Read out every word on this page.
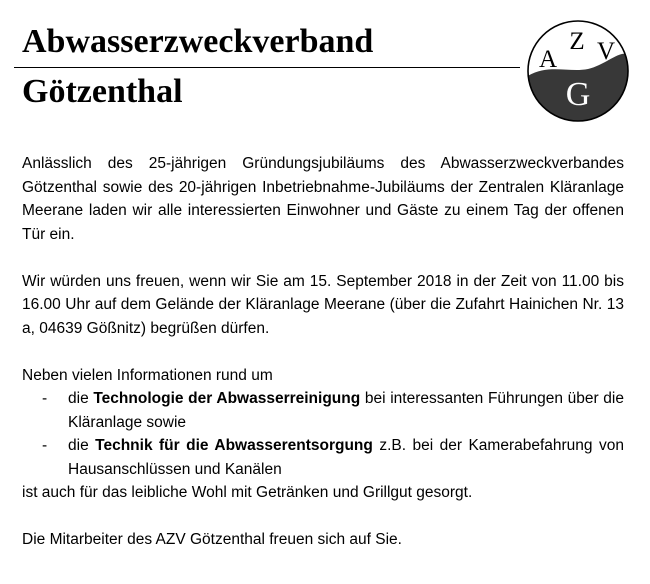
Abwasserzweckverband
Götzenthal
A
Z V
G

Anlässlich des 25-jährigen Gründungsjubiläums des Abwasserzweckverbandes Götzenthal sowie des 20-jährigen Inbetriebnahme-Jubiläums der Zentralen Kläranlage Meerane laden wir alle interessierten Einwohner und Gäste zu einem Tag der offenen Tür ein.

Wir würden uns freuen, wenn wir Sie am 15. September 2018 in der Zeit von 11.00 bis 16.00 Uhr auf dem Gelände der Kläranlage Meerane (über die Zufahrt Hainichen Nr. 13 a, 04639 Gößnitz) begrüßen dürfen.

Neben vielen Informationen rund um

- die Technologie der Abwasserreinigung bei interessanten Führungen über die Kläranlage sowie
- die Technik für die Abwasserentsorgung z.B. bei der Kamerabefahrung von Hausanschlüssen und Kanälen

ist auch für das leibliche Wohl mit Getränken und Grillgut gesorgt.

Die Mitarbeiter des AZV Götzenthal freuen sich auf Sie.
